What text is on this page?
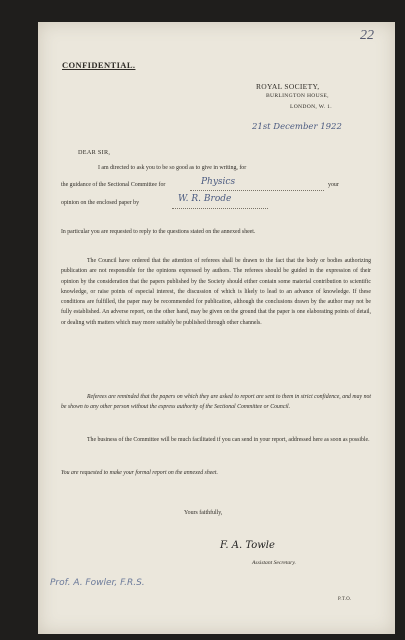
22
CONFIDENTIAL.
ROYAL SOCIETY,
BURLINGTON HOUSE,
LONDON, W. 1.
21st December 1922
DEAR SIR,
I am directed to ask you to be so good as to give in writing, for
the guidance of the Sectional Committee for	Physics	your
opinion on the enclosed paper by	W. R. Brode
In particular you are requested to reply to the questions stated on the annexed sheet.
The Council have ordered that the attention of referees shall be drawn to the fact that the body or bodies authorizing publication are not responsible for the opinions expressed by authors. The referees should be guided in the expression of their opinion by the consideration that the papers published by the Society should either contain some material contribution to scientific knowledge, or raise points of especial interest, the discussion of which is likely to lead to an advance of knowledge. If these conditions are fulfilled, the paper may be recommended for publication, although the conclusions drawn by the author may not be fully established. An adverse report, on the other hand, may be given on the ground that the paper is one elaborating points of detail, or dealing with matters which may more suitably be published through other channels.
Referees are reminded that the papers on which they are asked to report are sent to them in strict confidence, and may not be shown to any other person without the express authority of the Sectional Committee or Council.
The business of the Committee will be much facilitated if you can send in your report, addressed here as soon as possible.
You are requested to make your formal report on the annexed sheet.
Yours faithfully,
F. A. Towle
Assistant Secretary.
Prof. A. Fowler, F.R.S.
P.T.O.
